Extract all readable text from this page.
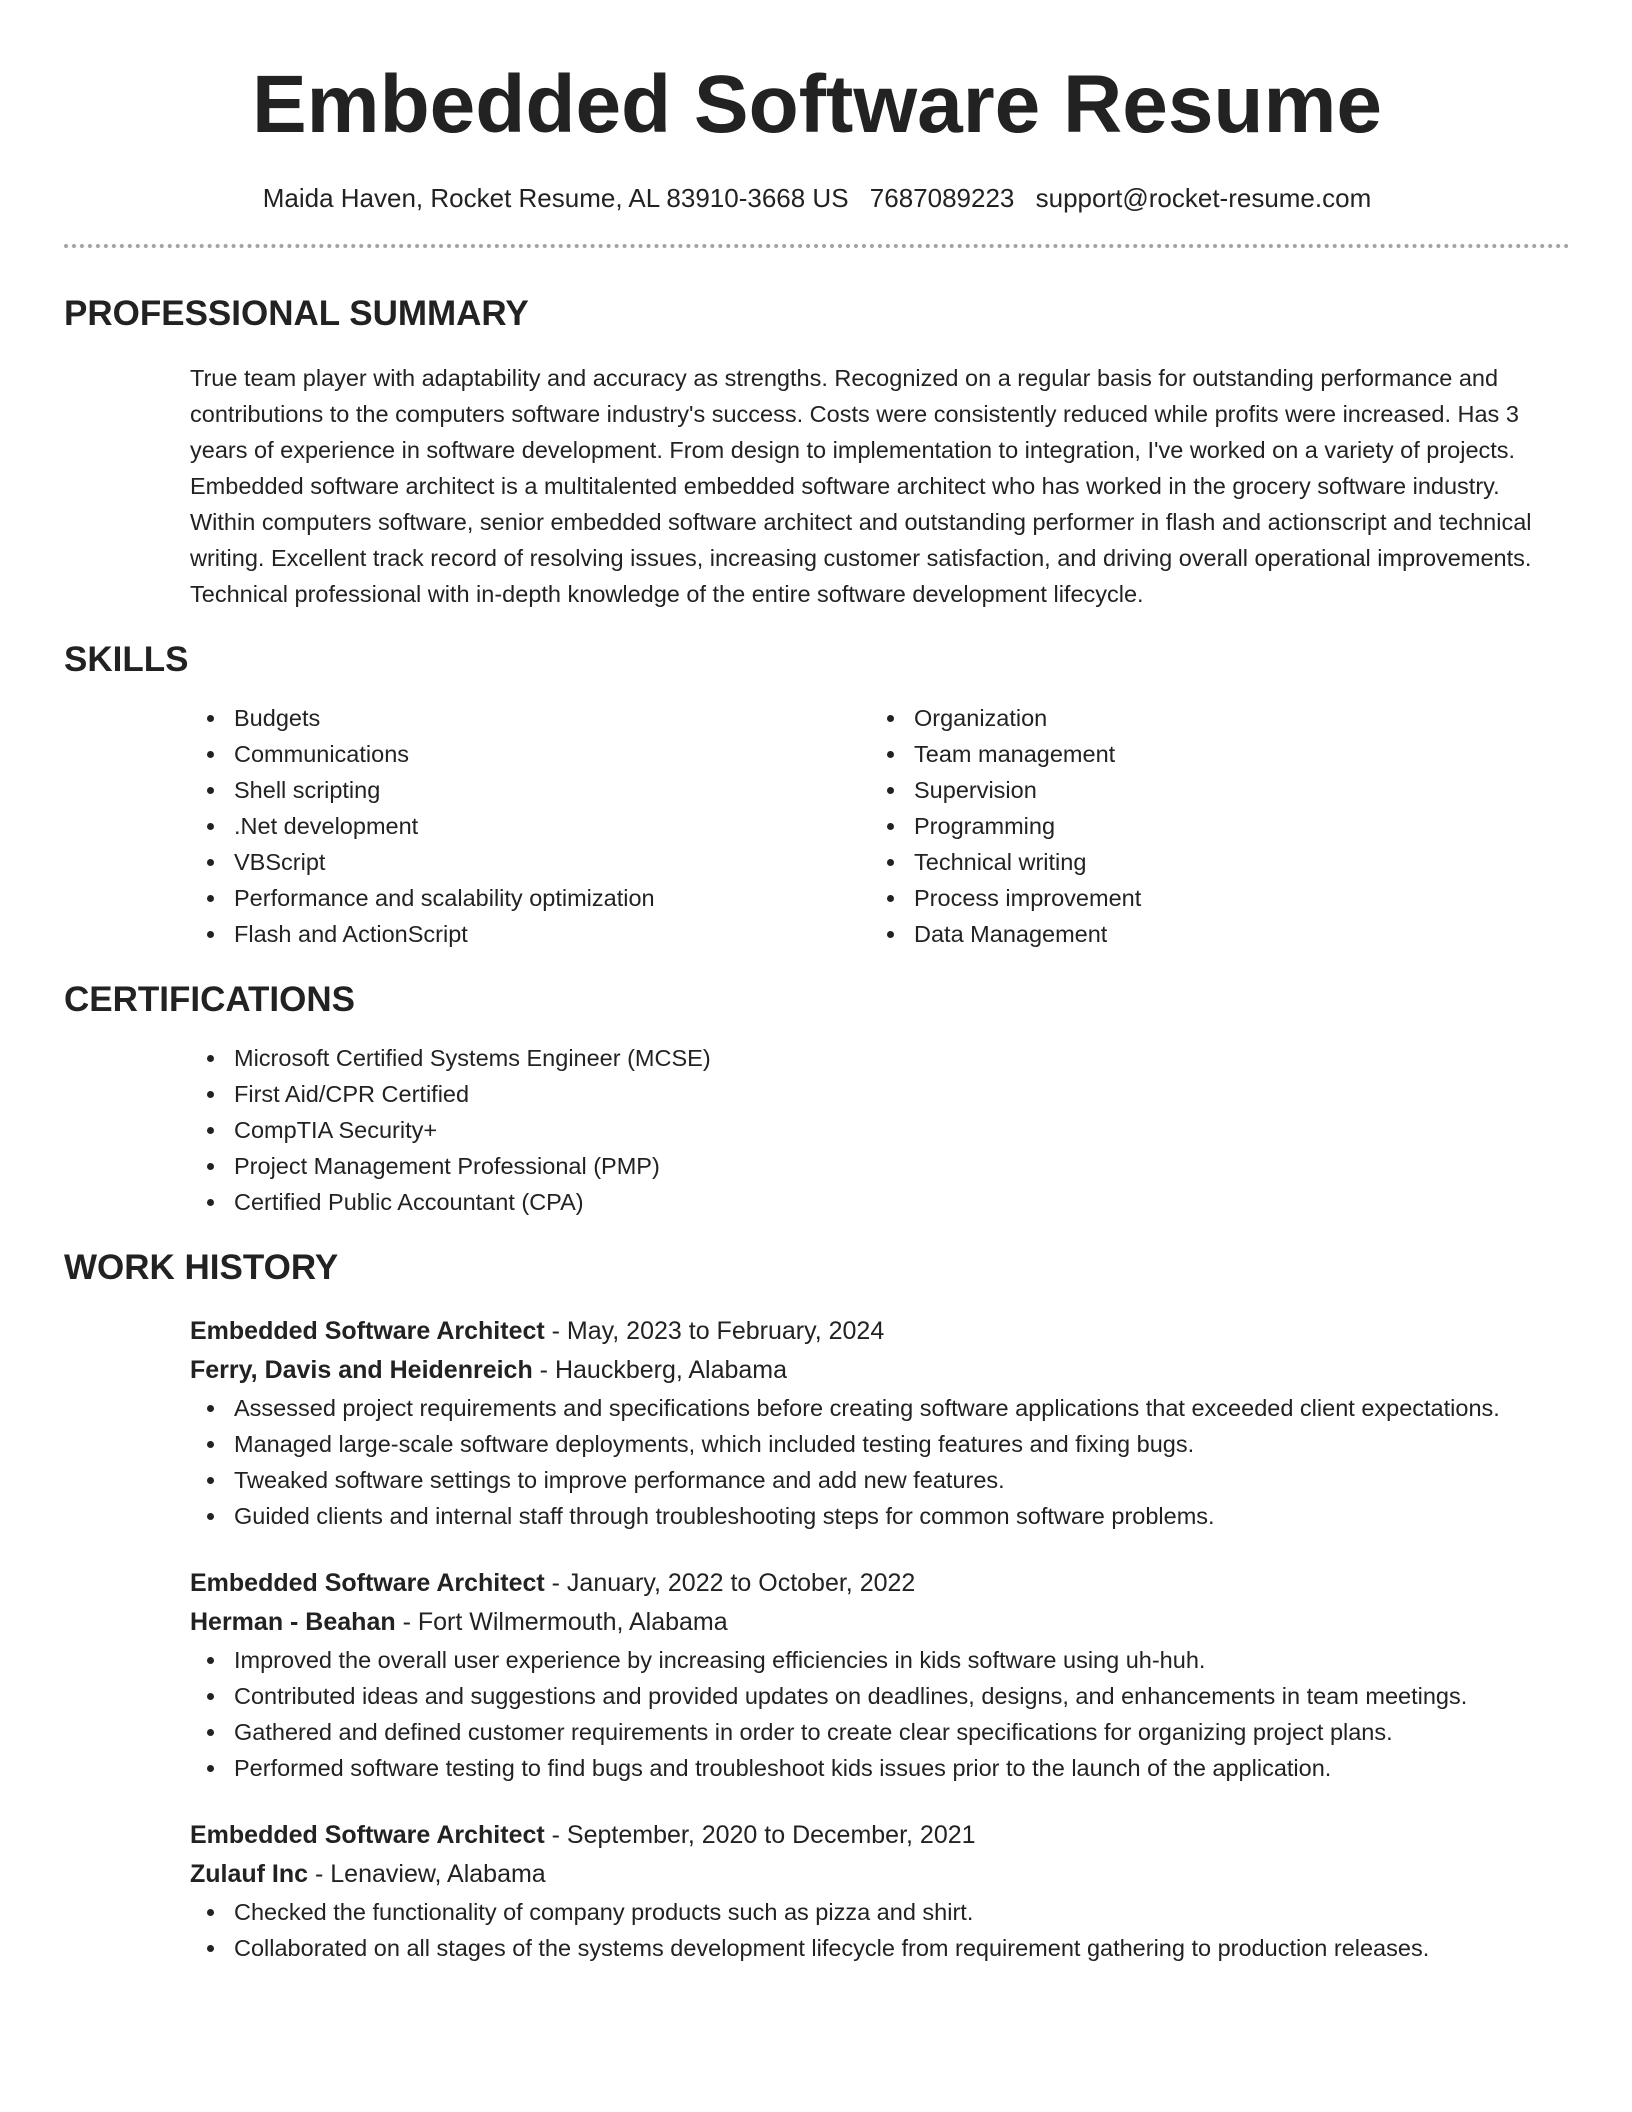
Embedded Software Resume
Maida Haven, Rocket Resume, AL 83910-3668 US 7687089223 support@rocket-resume.com
PROFESSIONAL SUMMARY
True team player with adaptability and accuracy as strengths. Recognized on a regular basis for outstanding performance and contributions to the computers software industry's success. Costs were consistently reduced while profits were increased. Has 3 years of experience in software development. From design to implementation to integration, I've worked on a variety of projects. Embedded software architect is a multitalented embedded software architect who has worked in the grocery software industry. Within computers software, senior embedded software architect and outstanding performer in flash and actionscript and technical writing. Excellent track record of resolving issues, increasing customer satisfaction, and driving overall operational improvements. Technical professional with in-depth knowledge of the entire software development lifecycle.
SKILLS
Budgets
Communications
Shell scripting
.Net development
VBScript
Performance and scalability optimization
Flash and ActionScript
Organization
Team management
Supervision
Programming
Technical writing
Process improvement
Data Management
CERTIFICATIONS
Microsoft Certified Systems Engineer (MCSE)
First Aid/CPR Certified
CompTIA Security+
Project Management Professional (PMP)
Certified Public Accountant (CPA)
WORK HISTORY
Embedded Software Architect - May, 2023 to February, 2024
Ferry, Davis and Heidenreich - Hauckberg, Alabama
Assessed project requirements and specifications before creating software applications that exceeded client expectations.
Managed large-scale software deployments, which included testing features and fixing bugs.
Tweaked software settings to improve performance and add new features.
Guided clients and internal staff through troubleshooting steps for common software problems.
Embedded Software Architect - January, 2022 to October, 2022
Herman - Beahan - Fort Wilmermouth, Alabama
Improved the overall user experience by increasing efficiencies in kids software using uh-huh.
Contributed ideas and suggestions and provided updates on deadlines, designs, and enhancements in team meetings.
Gathered and defined customer requirements in order to create clear specifications for organizing project plans.
Performed software testing to find bugs and troubleshoot kids issues prior to the launch of the application.
Embedded Software Architect - September, 2020 to December, 2021
Zulauf Inc - Lenaview, Alabama
Checked the functionality of company products such as pizza and shirt.
Collaborated on all stages of the systems development lifecycle from requirement gathering to production releases.
